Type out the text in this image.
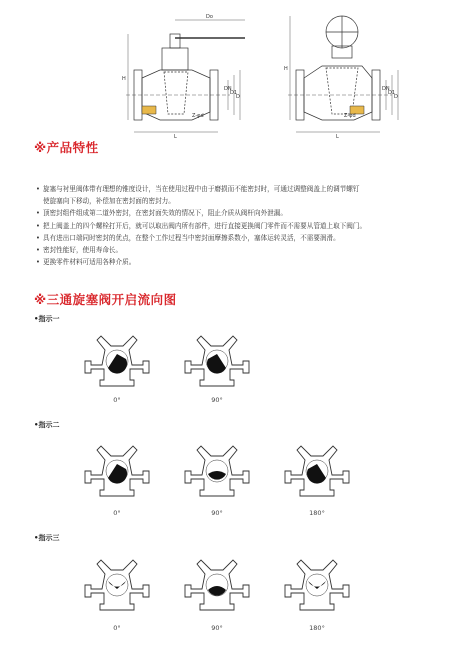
Do
H
DN
D1
D
Z-φd
L
H
DN
D1
D
Z-φd
L
※产品特性
• 旋塞与衬里阀体带有理想的锥度设计，当在使用过程中由于磨损而不能密封时，可通过调整阀盖上的调节螺钉
使旋塞向下移动，补偿加在密封面的密封力。
• 顶密封组件组成第二道外密封，在密封面失效的情况下，阻止介质从阀杆向外泄漏。
• 把上阀盖上的四个螺栓打开后，就可以取出阀内所有部件，进行直接更换阀门零件而不需要从管道上取下阀门。
• 具有进出口端同时密封的优点，在整个工作过程当中密封面摩擦系数小，塞体运转灵活，不需要润滑。
• 密封性能好，使用寿命长。
• 更换零件材料可适用各种介质。
※三通旋塞阀开启流向图
•指示一
•指示二
•指示三
0°	90°
0°	90°	180°
0°	90°	180°
